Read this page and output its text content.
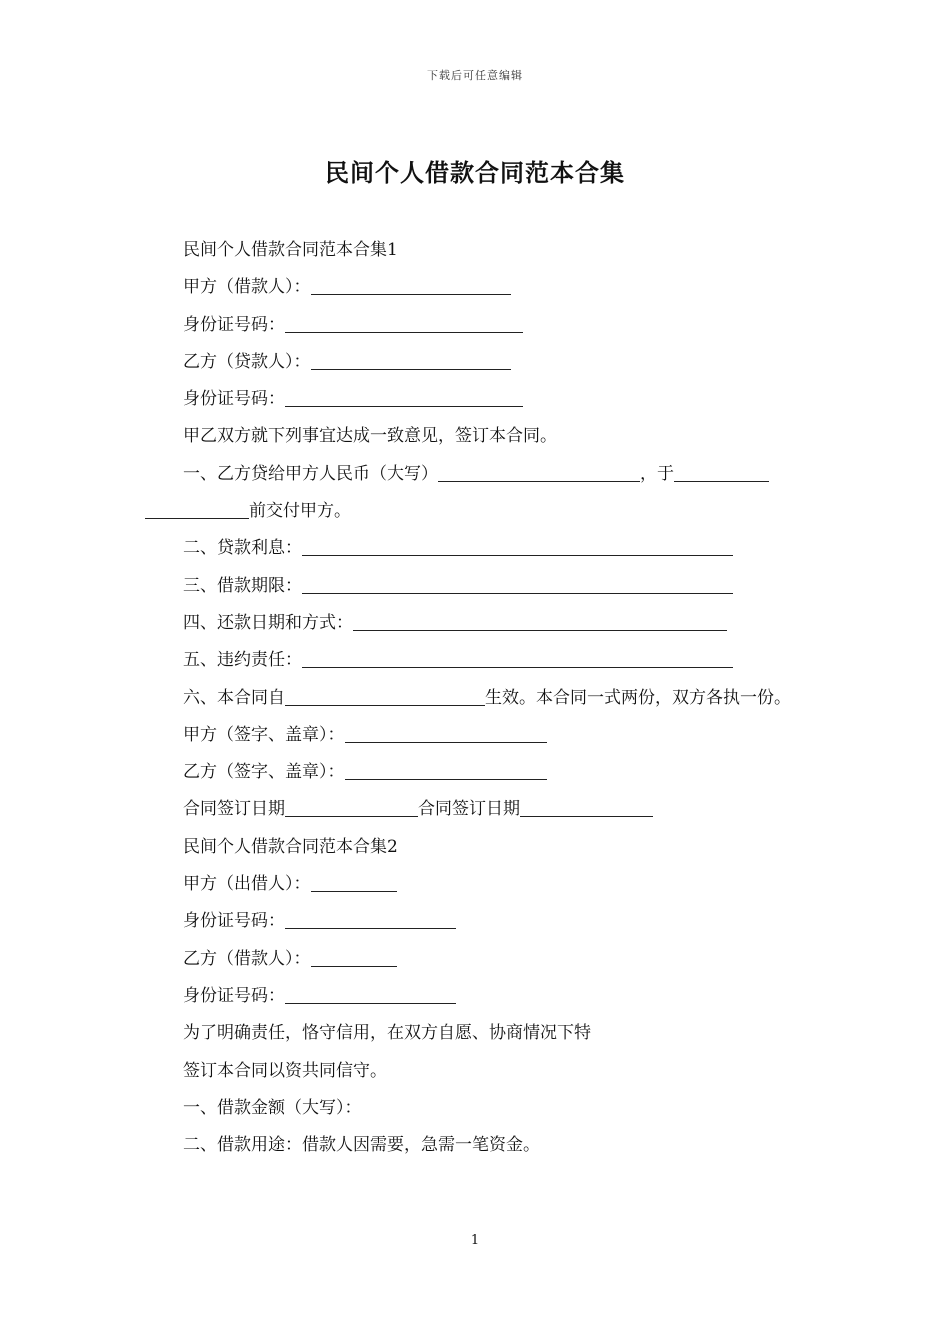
下载后可任意编辑
民间个人借款合同范本合集

民间个人借款合同范本合集1

甲方（借款人）：

身份证号码：

乙方（贷款人）：

身份证号码：

甲乙双方就下列事宜达成一致意见，签订本合同。

一、乙方贷给甲方人民币（大写）	，于

前交付甲方。

二、贷款利息：

三、借款期限：

四、还款日期和方式：

五、违约责任：

六、本合同自	生效。本合同一式两份，双方各执一份。

甲方（签字、盖章）：

乙方（签字、盖章）：

合同签订日期	合同签订日期

民间个人借款合同范本合集2

甲方（出借人）：

身份证号码：

乙方（借款人）：

身份证号码：

为了明确责任，恪守信用，在双方自愿、协商情况下特

签订本合同以资共同信守。

一、借款金额（大写）：

二、借款用途：借款人因需要，急需一笔资金。

1
